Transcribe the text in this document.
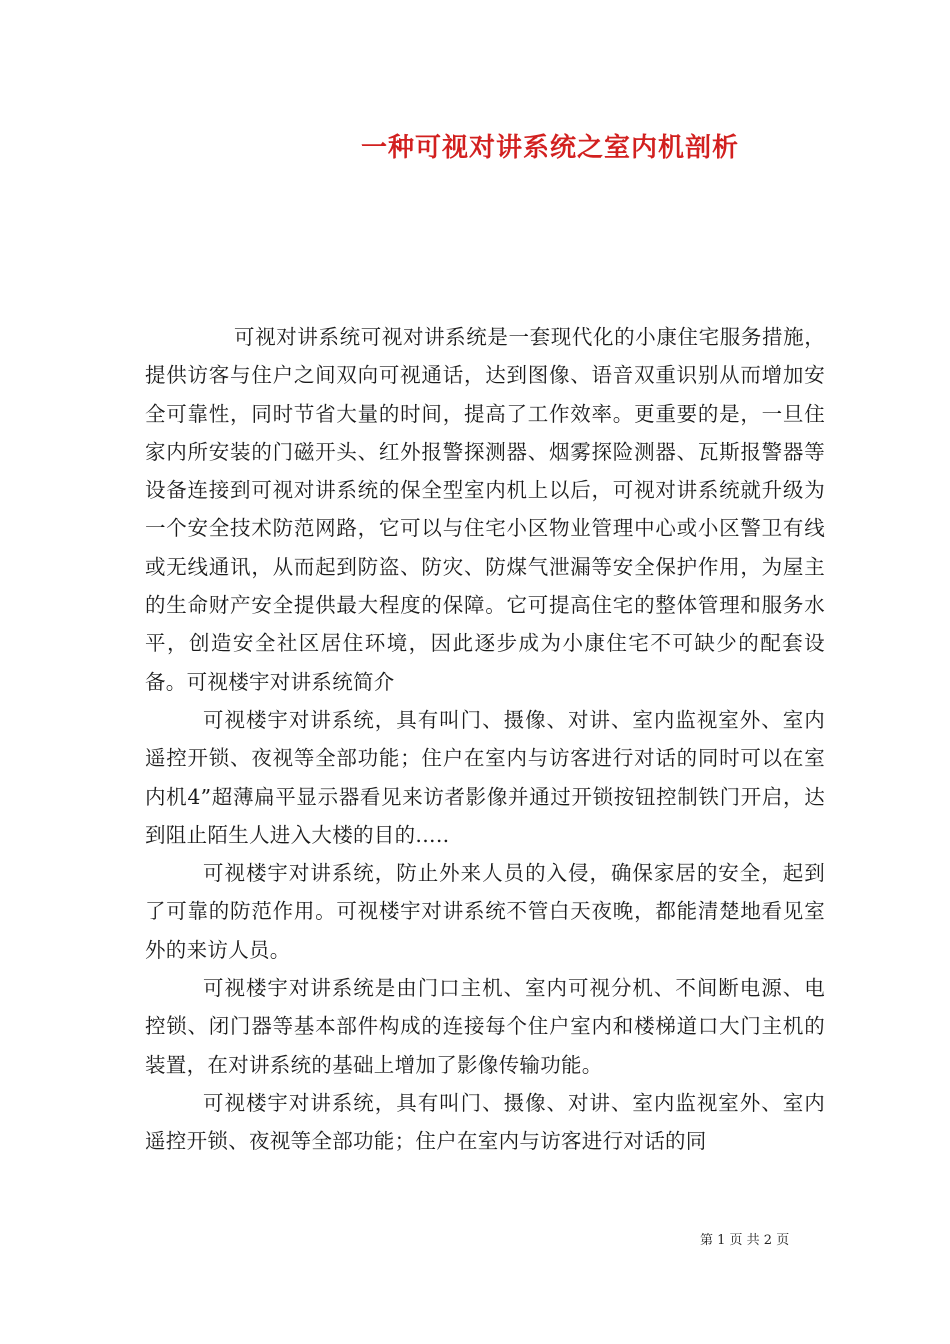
一种可视对讲系统之室内机剖析

可视对讲系统可视对讲系统是一套现代化的小康住宅服务措施，提供访客与住户之间双向可视通话，达到图像、语音双重识别从而增加安全可靠性，同时节省大量的时间，提高了工作效率。更重要的是，一旦住家内所安装的门磁开头、红外报警探测器、烟雾探险测器、瓦斯报警器等设备连接到可视对讲系统的保全型室内机上以后，可视对讲系统就升级为一个安全技术防范网路，它可以与住宅小区物业管理中心或小区警卫有线或无线通讯，从而起到防盗、防灾、防煤气泄漏等安全保护作用，为屋主的生命财产安全提供最大程度的保障。它可提高住宅的整体管理和服务水平，创造安全社区居住环境，因此逐步成为小康住宅不可缺少的配套设备。可视楼宇对讲系统简介

可视楼宇对讲系统，具有叫门、摄像、对讲、室内监视室外、室内遥控开锁、夜视等全部功能；住户在室内与访客进行对话的同时可以在室内机4”超薄扁平显示器看见来访者影像并通过开锁按钮控制铁门开启，达到阻止陌生人进入大楼的目的.....

可视楼宇对讲系统，防止外来人员的入侵，确保家居的安全，起到了可靠的防范作用。可视楼宇对讲系统不管白天夜晚，都能清楚地看见室外的来访人员。

可视楼宇对讲系统是由门口主机、室内可视分机、不间断电源、电控锁、闭门器等基本部件构成的连接每个住户室内和楼梯道口大门主机的装置，在对讲系统的基础上增加了影像传输功能。

可视楼宇对讲系统，具有叫门、摄像、对讲、室内监视室外、室内遥控开锁、夜视等全部功能；住户在室内与访客进行对话的同

第 1 页 共 2 页
